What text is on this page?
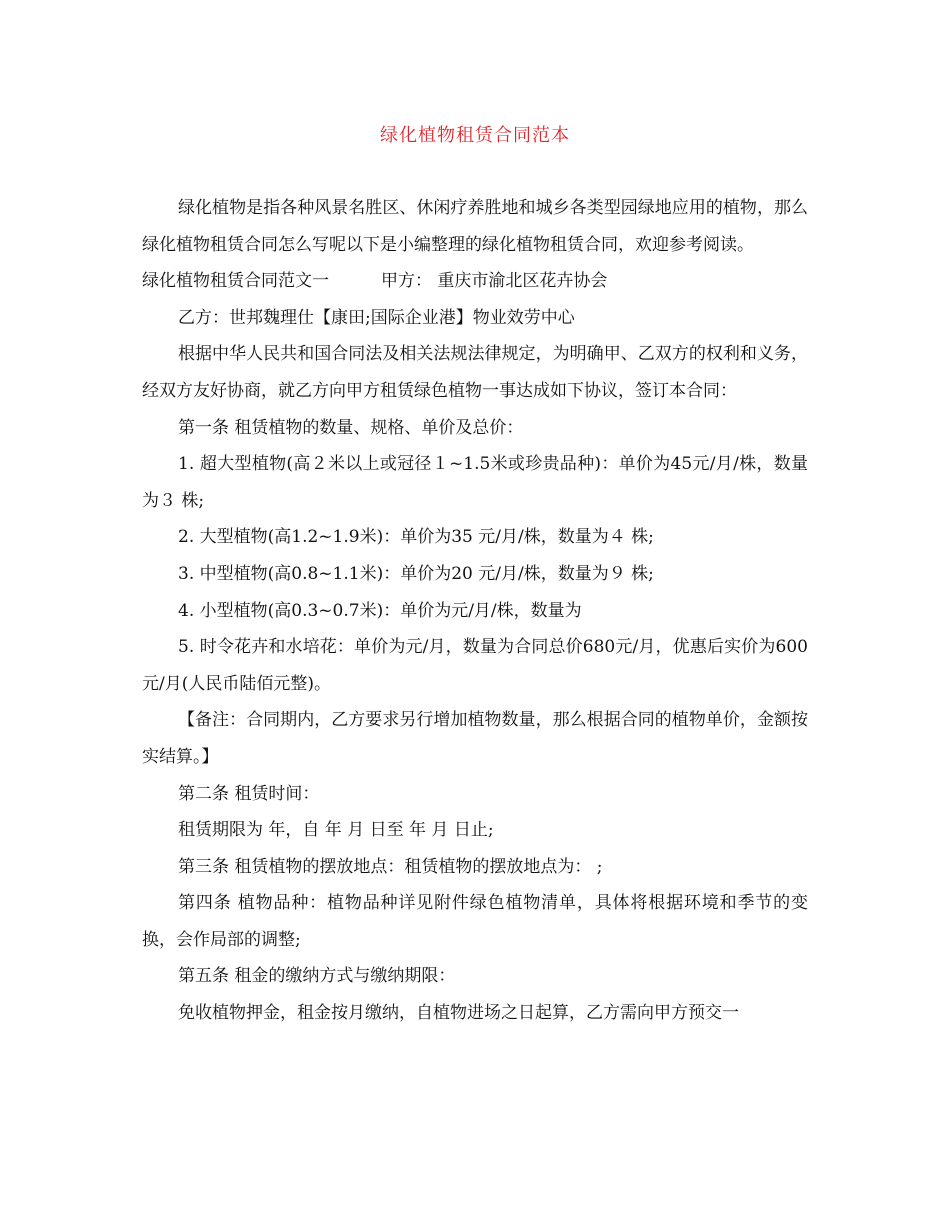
绿化植物租赁合同范本

绿化植物是指各种风景名胜区、休闲疗养胜地和城乡各类型园绿地应用的植物，那么绿化植物租赁合同怎么写呢以下是小编整理的绿化植物租赁合同，欢迎参考阅读。

绿化植物租赁合同范文一	甲方： 重庆市渝北区花卉协会

乙方：世邦魏理仕【康田;国际企业港】物业效劳中心

根据中华人民共和国合同法及相关法规法律规定，为明确甲、乙双方的权利和义务，经双方友好协商，就乙方向甲方租赁绿色植物一事达成如下协议，签订本合同：

第一条 租赁植物的数量、规格、单价及总价：

1. 超大型植物(高２米以上或冠径１~1.5米或珍贵品种)：单价为45元/月/株，数量为３ 株;

2. 大型植物(高1.2~1.9米)：单价为35 元/月/株，数量为４ 株;

3. 中型植物(高0.8~1.1米)：单价为20 元/月/株，数量为９ 株;

4. 小型植物(高0.3~0.7米)：单价为元/月/株，数量为

5. 时令花卉和水培花：单价为元/月，数量为合同总价680元/月，优惠后实价为600元/月(人民币陆佰元整)。

【备注：合同期内，乙方要求另行增加植物数量，那么根据合同的植物单价，金额按实结算。】

第二条 租赁时间：

租赁期限为 年，自 年 月 日至 年 月 日止;

第三条 租赁植物的摆放地点：租赁植物的摆放地点为： ;

第四条 植物品种：植物品种详见附件绿色植物清单，具体将根据环境和季节的变换，会作局部的调整;

第五条 租金的缴纳方式与缴纳期限：

免收植物押金，租金按月缴纳，自植物进场之日起算，乙方需向甲方预交一
